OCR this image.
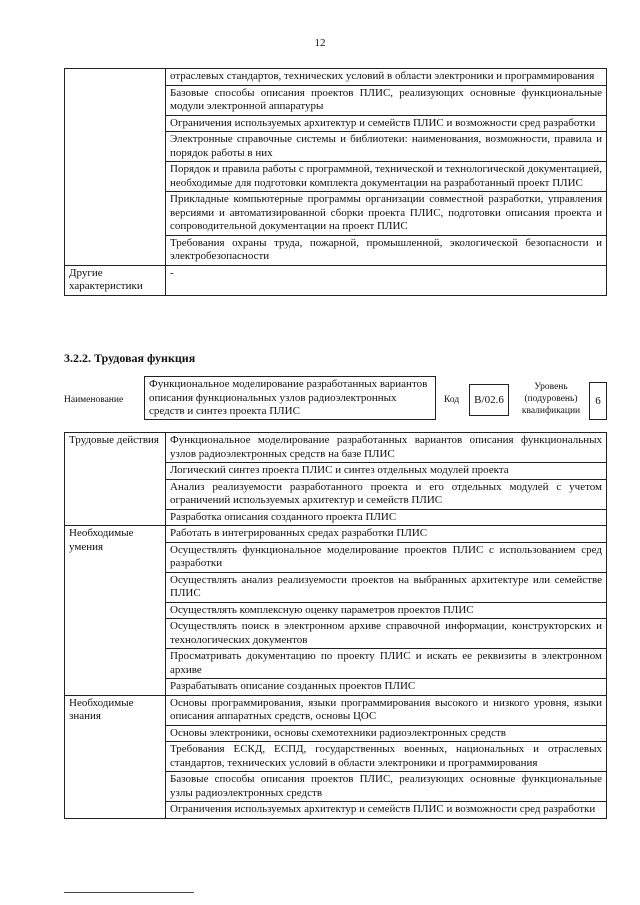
12
	отраслевых стандартов, технических условий в области электроники и программирования
	Базовые способы описания проектов ПЛИС, реализующих основные функциональные модули электронной аппаратуры
	Ограничения используемых архитектур и семейств ПЛИС и возможности сред разработки
	Электронные справочные системы и библиотеки: наименования, возможности, правила и порядок работы в них
	Порядок и правила работы с программной, технической и технологической документацией, необходимые для подготовки комплекта документации на разработанный проект ПЛИС
	Прикладные компьютерные программы организации совместной разработки, управления версиями и автоматизированной сборки проекта ПЛИС, подготовки описания проекта и сопроводительной документации на проект ПЛИС
	Требования охраны труда, пожарной, промышленной, экологической безопасности и электробезопасности
Другие характеристики	-
3.2.2. Трудовая функция
Наименование
Функциональное моделирование разработанных вариантов описания функциональных узлов радиоэлектронных средств и синтез проекта ПЛИС
Код	В/02.6
Уровень (подуровень) квалификации
6
Трудовые действия	Функциональное моделирование разработанных вариантов описания функциональных узлов радиоэлектронных средств на базе ПЛИС
	Логический синтез проекта ПЛИС и синтез отдельных модулей проекта
	Анализ реализуемости разработанного проекта и его отдельных модулей с учетом ограничений используемых архитектур и семейств ПЛИС
	Разработка описания созданного проекта ПЛИС
Необходимые умения	Работать в интегрированных средах разработки ПЛИС
	Осуществлять функциональное моделирование проектов ПЛИС с использованием сред разработки
	Осуществлять анализ реализуемости проектов на выбранных архитектуре или семействе ПЛИС
	Осуществлять комплексную оценку параметров проектов ПЛИС
	Осуществлять поиск в электронном архиве справочной информации, конструкторских и технологических документов
	Просматривать документацию по проекту ПЛИС и искать ее реквизиты в электронном архиве
	Разрабатывать описание созданных проектов ПЛИС
Необходимые знания	Основы программирования, языки программирования высокого и низкого уровня, языки описания аппаратных средств, основы ЦОС
	Основы электроники, основы схемотехники радиоэлектронных средств
	Требования ЕСКД, ЕСПД, государственных военных, национальных и отраслевых стандартов, технических условий в области электроники и программирования
	Базовые способы описания проектов ПЛИС, реализующих основные функциональные узлы радиоэлектронных средств
	Ограничения используемых архитектур и семейств ПЛИС и возможности сред разработки
